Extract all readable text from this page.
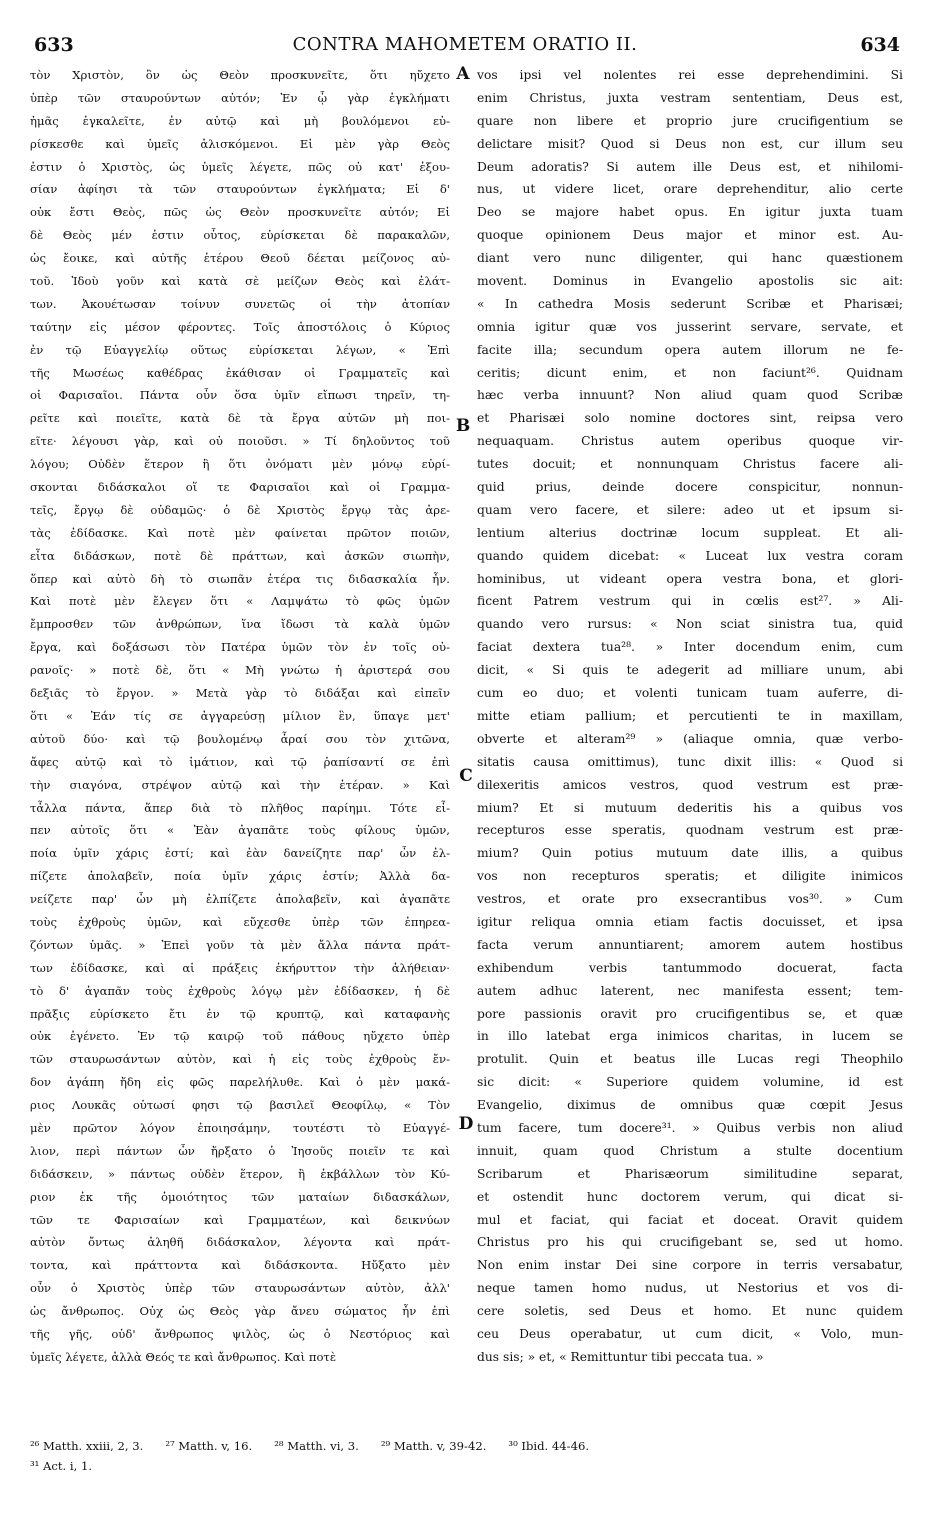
633	CONTRA MAHOMETEM ORATIO II.	634
τὸν Χριστὸν, ὃν ὡς Θεὸν προσκυνεῖτε, ὅτι ηὔχετο
ὑπὲρ τῶν σταυρούντων αὐτόν; Ἐν ᾧ γὰρ ἐγκλήματι
ἡμᾶς ἐγκαλεῖτε, ἐν αὐτῷ καὶ μὴ βουλόμενοι εὑ-
ρίσκεσθε καὶ ὑμεῖς ἁλισκόμενοι. Εἰ μὲν γὰρ Θεὸς
ἐστιν ὁ Χριστὸς, ὡς ὑμεῖς λέγετε, πῶς οὐ κατ' ἐξου-
σίαν ἀφίησι τὰ τῶν σταυρούντων ἐγκλήματα; Εἰ δ'
οὐκ ἔστι Θεὸς, πῶς ὡς Θεὸν προσκυνεῖτε αὐτόν; Εἰ
δὲ Θεὸς μέν ἐστιν οὗτος, εὑρίσκεται δὲ παρακαλῶν,
ὡς ἔοικε, καὶ αὐτῆς ἑτέρου Θεοῦ δέεται μείζονος αὐ-
τοῦ. Ἰδοὺ γοῦν καὶ κατὰ σὲ μείζων Θεὸς καὶ ἐλάτ-
των. Ἀκουέτωσαν τοίνυν συνετῶς οἱ τὴν ἀτοπίαν
ταύτην εἰς μέσον φέροντες. Τοῖς ἀποστόλοις ὁ Κύριος
ἐν τῷ Εὐαγγελίῳ οὕτως εὑρίσκεται λέγων, « Ἐπὶ
τῆς Μωσέως καθέδρας ἐκάθισαν οἱ Γραμματεῖς καὶ
οἱ Φαρισαῖοι. Πάντα οὖν ὅσα ὑμῖν εἴπωσι τηρεῖν, τη-
ρεῖτε καὶ ποιεῖτε, κατὰ δὲ τὰ ἔργα αὐτῶν μὴ ποι-
εῖτε· λέγουσι γὰρ, καὶ οὐ ποιοῦσι. » Τί δηλοῦντος τοῦ
λόγου; Οὐδὲν ἕτερον ἢ ὅτι ὀνόματι μὲν μόνῳ εὑρί-
σκονται διδάσκαλοι οἵ τε Φαρισαῖοι καὶ οἱ Γραμμα-
τεῖς, ἔργῳ δὲ οὐδαμῶς· ὁ δὲ Χριστὸς ἔργῳ τὰς ἀρε-
τὰς ἐδίδασκε. Καὶ ποτὲ μὲν φαίνεται πρῶτον ποιῶν,
εἶτα διδάσκων, ποτὲ δὲ πράττων, καὶ ἀσκῶν σιωπὴν,
ὅπερ καὶ αὐτὸ δὴ τὸ σιωπᾶν ἑτέρα τις διδασκαλία ἦν.
Καὶ ποτὲ μὲν ἔλεγεν ὅτι « Λαμψάτω τὸ φῶς ὑμῶν
ἔμπροσθεν τῶν ἀνθρώπων, ἵνα ἴδωσι τὰ καλὰ ὑμῶν
ἔργα, καὶ δοξάσωσι τὸν Πατέρα ὑμῶν τὸν ἐν τοῖς οὐ-
ρανοῖς· » ποτὲ δὲ, ὅτι « Μὴ γνώτω ἡ ἀριστερά σου
δεξιᾶς τὸ ἔργον. » Μετὰ γὰρ τὸ διδάξαι καὶ εἰπεῖν
ὅτι « Ἐάν τίς σε ἀγγαρεύσῃ μίλιον ἓν, ὕπαγε μετ'
αὐτοῦ δύο· καὶ τῷ βουλομένῳ ἆραί σου τὸν χιτῶνα,
ἄφες αὐτῷ καὶ τὸ ἱμάτιον, καὶ τῷ ῥαπίσαντί σε ἐπὶ
τὴν σιαγόνα, στρέψον αὐτῷ καὶ τὴν ἑτέραν. » Καὶ
τἆλλα πάντα, ἅπερ διὰ τὸ πλῆθος παρίημι. Τότε εἶ-
πεν αὐτοῖς ὅτι « Ἐὰν ἀγαπᾶτε τοὺς φίλους ὑμῶν,
ποία ὑμῖν χάρις ἐστί; καὶ ἐὰν δανείζητε παρ' ὧν ἐλ-
πίζετε ἀπολαβεῖν, ποία ὑμῖν χάρις ἐστίν; Ἀλλὰ δα-
νείζετε παρ' ὧν μὴ ἐλπίζετε ἀπολαβεῖν, καὶ ἀγαπᾶτε
τοὺς ἐχθροὺς ὑμῶν, καὶ εὔχεσθε ὑπὲρ τῶν ἐπηρεα-
ζόντων ὑμᾶς. » Ἐπεὶ γοῦν τὰ μὲν ἄλλα πάντα πράτ-
των ἐδίδασκε, καὶ αἱ πράξεις ἐκήρυττον τὴν ἀλήθειαν·
τὸ δ' ἀγαπᾶν τοὺς ἐχθροὺς λόγῳ μὲν ἐδίδασκεν, ἡ δὲ
πρᾶξις εὑρίσκετο ἔτι ἐν τῷ κρυπτῷ, καὶ καταφανὴς
οὐκ ἐγένετο. Ἐν τῷ καιρῷ τοῦ πάθους ηὔχετο ὑπὲρ
τῶν σταυρωσάντων αὐτὸν, καὶ ἡ εἰς τοὺς ἐχθροὺς ἔν-
δον ἀγάπη ἤδη εἰς φῶς παρελήλυθε. Καὶ ὁ μὲν μακά-
ριος Λουκᾶς οὑτωσί φησι τῷ βασιλεῖ Θεοφίλῳ, « Τὸν
μὲν πρῶτον λόγον ἐποιησάμην, τουτέστι τὸ Εὐαγγέ-
λιον, περὶ πάντων ὧν ἤρξατο ὁ Ἰησοῦς ποιεῖν τε καὶ
διδάσκειν, » πάντως οὐδὲν ἕτερον, ἢ ἐκβάλλων τὸν Κύ-
ριον ἐκ τῆς ὁμοιότητος τῶν ματαίων διδασκάλων,
τῶν τε Φαρισαίων καὶ Γραμματέων, καὶ δεικνύων
αὐτὸν ὄντως ἀληθῆ διδάσκαλον, λέγοντα καὶ πράτ-
τοντα, καὶ πράττοντα καὶ διδάσκοντα. Ηὔξατο μὲν
οὖν ὁ Χριστὸς ὑπὲρ τῶν σταυρωσάντων αὐτὸν, ἀλλ'
ὡς ἄνθρωπος. Οὐχ ὡς Θεὸς γὰρ ἄνευ σώματος ἦν ἐπὶ
τῆς γῆς, οὐδ' ἄνθρωπος ψιλὸς, ὡς ὁ Νεστόριος καὶ
ὑμεῖς λέγετε, ἀλλὰ Θεός τε καὶ ἄνθρωπος. Καὶ ποτὲ
vos ipsi vel nolentes rei esse deprehendimini. Si
enim Christus, juxta vestram sententiam, Deus est,
quare non libere et proprio jure crucifigentium se
delictare misit? Quod si Deus non est, cur illum seu
Deum adoratis? Si autem ille Deus est, et nihilomi-
nus, ut videre licet, orare deprehenditur, alio certe
Deo se majore habet opus. En igitur juxta tuam
quoque opinionem Deus major et minor est. Au-
diant vero nunc diligenter, qui hanc quæstionem
movent. Dominus in Evangelio apostolis sic ait:
« In cathedra Mosis sederunt Scribæ et Pharisæi;
omnia igitur quæ vos jusserint servare, servate, et
facite illa; secundum opera autem illorum ne fe-
ceritis; dicunt enim, et non faciunt²⁶. Quidnam
hæc verba innuunt? Non aliud quam quod Scribæ
et Pharisæi solo nomine doctores sint, reipsa vero
nequaquam. Christus autem operibus quoque vir-
tutes docuit; et nonnunquam Christus facere ali-
quid prius, deinde docere conspicitur, nonnun-
quam vero facere, et silere: adeo ut et ipsum si-
lentium alterius doctrinæ locum suppleat. Et ali-
quando quidem dicebat: « Luceat lux vestra coram
hominibus, ut videant opera vestra bona, et glori-
ficent Patrem vestrum qui in cœlis est²⁷. » Ali-
quando vero rursus: « Non sciat sinistra tua, quid
faciat dextera tua²⁸. » Inter docendum enim, cum
dicit, « Si quis te adegerit ad milliare unum, abi
cum eo duo; et volenti tunicam tuam auferre, di-
mitte etiam pallium; et percutienti te in maxillam,
obverte et alteram²⁹ » (aliaque omnia, quæ verbo-
sitatis causa omittimus), tunc dixit illis: « Quod si
dilexeritis amicos vestros, quod vestrum est præ-
mium? Et si mutuum dederitis his a quibus vos
recepturos esse speratis, quodnam vestrum est præ-
mium? Quin potius mutuum date illis, a quibus
vos non recepturos speratis; et diligite inimicos
vestros, et orate pro exsecrantibus vos³⁰. » Cum
igitur reliqua omnia etiam factis docuisset, et ipsa
facta verum annuntiarent; amorem autem hostibus
exhibendum verbis tantummodo docuerat, facta
autem adhuc laterent, nec manifesta essent; tem-
pore passionis oravit pro crucifigentibus se, et quæ
in illo latebat erga inimicos charitas, in lucem se
protulit. Quin et beatus ille Lucas regi Theophilo
sic dicit: « Superiore quidem volumine, id est
Evangelio, diximus de omnibus quæ cœpit Jesus
tum facere, tum docere³¹. » Quibus verbis non aliud
innuit, quam quod Christum a stulte docentium
Scribarum et Pharisæorum similitudine separat,
et ostendit hunc doctorem verum, qui dicat si-
mul et faciat, qui faciat et doceat. Oravit quidem
Christus pro his qui crucifigebant se, sed ut homo.
Non enim instar Dei sine corpore in terris versabatur,
neque tamen homo nudus, ut Nestorius et vos di-
cere soletis, sed Deus et homo. Et nunc quidem
ceu Deus operabatur, ut cum dicit, « Volo, mun-
dus sis; » et, « Remittuntur tibi peccata tua. »
A
B
C
D
²⁶ Matth. xxiii, 2, 3. ²⁷ Matth. v, 16. ²⁸ Matth. vi, 3. ²⁹ Matth. v, 39-42. ³⁰ Ibid. 44-46.
³¹ Act. i, 1.
